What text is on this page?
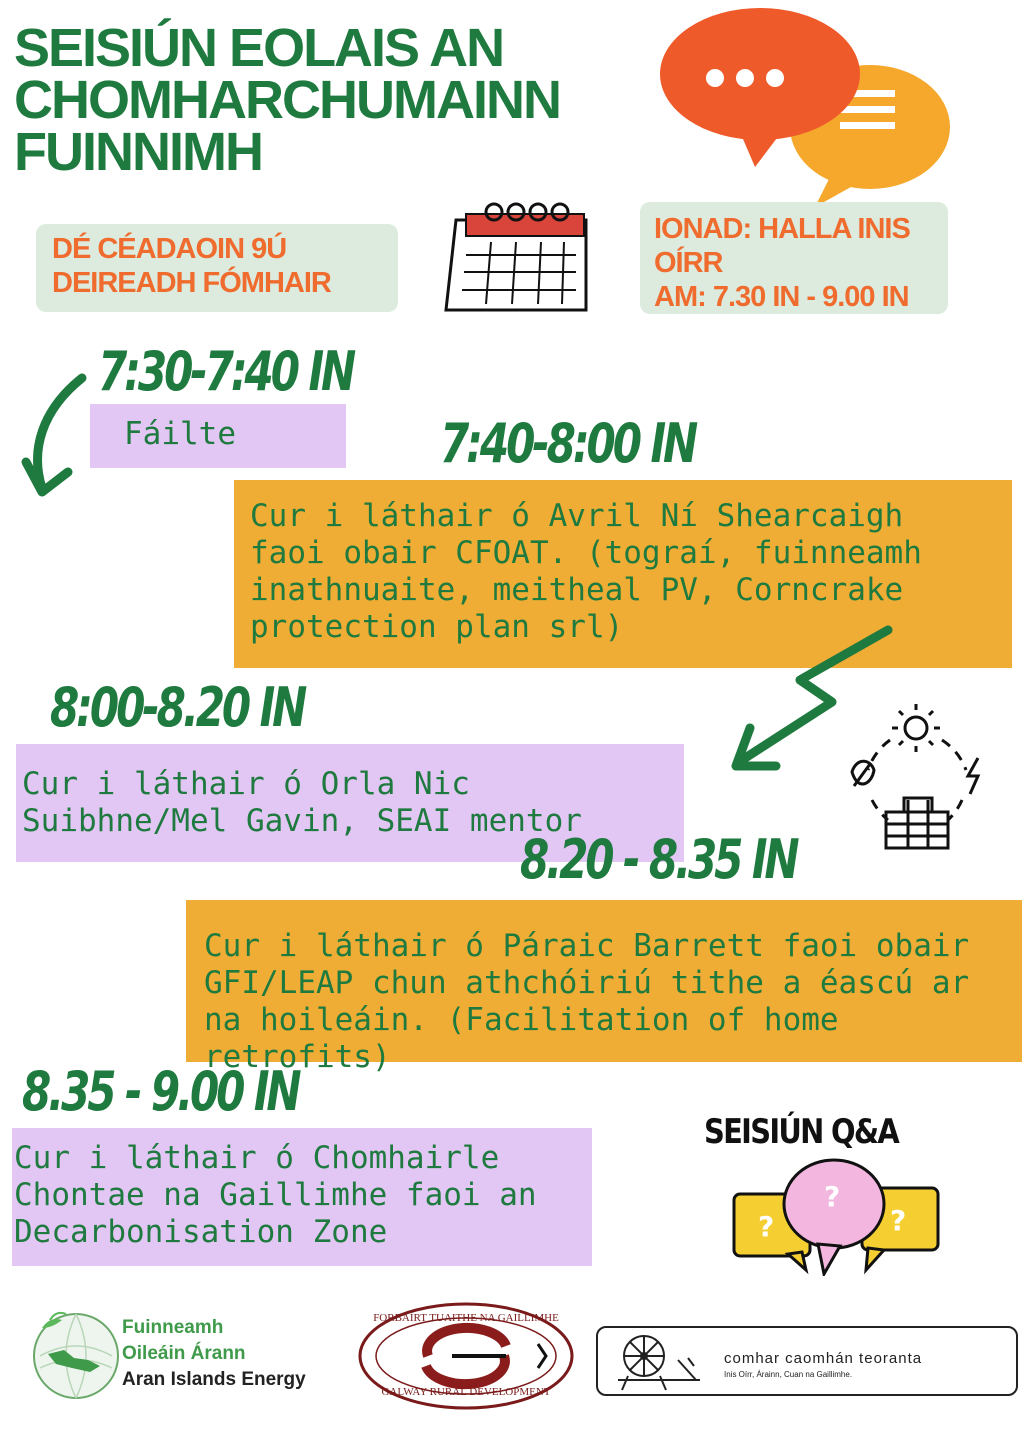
SEISIÚN EOLAIS AN
CHOMHARCHUMAINN
FUINNIMH
DÉ CÉADAOIN 9Ú
DEIREADH FÓMHAIR
IONAD: HALLA INIS
OÍRR
AM: 7.30 IN - 9.00 IN
7:30-7:40 IN
Fáilte	7:40-8:00 IN
Cur i láthair ó Avril Ní Shearcaigh faoi obair CFOAT. (tograí, fuinneamh inathnuaite, meitheal PV, Corncrake protection plan srl)
8:00-8.20 IN
Cur i láthair ó Orla Nic Suibhne/Mel Gavin, SEAI mentor
8.20 - 8.35 IN
Cur i láthair ó Páraic Barrett faoi obair GFI/LEAP chun athchóiriú tithe a éascú ar na hoileáin. (Facilitation of home retrofits)
8.35 - 9.00 IN
Cur i láthair ó Chomhairle Chontae na Gaillimhe faoi an Decarbonisation Zone
SEISIÚN Q&A
?
?
?
Fuinneamh
Oileáin Árann
Aran Islands Energy
FORBAIRT TUAITHE NA GAILLIMHE
GALWAY RURAL DEVELOPMENT
comhar caomhán teoranta
Inis Oírr, Árainn, Cuan na Gaillimhe.
